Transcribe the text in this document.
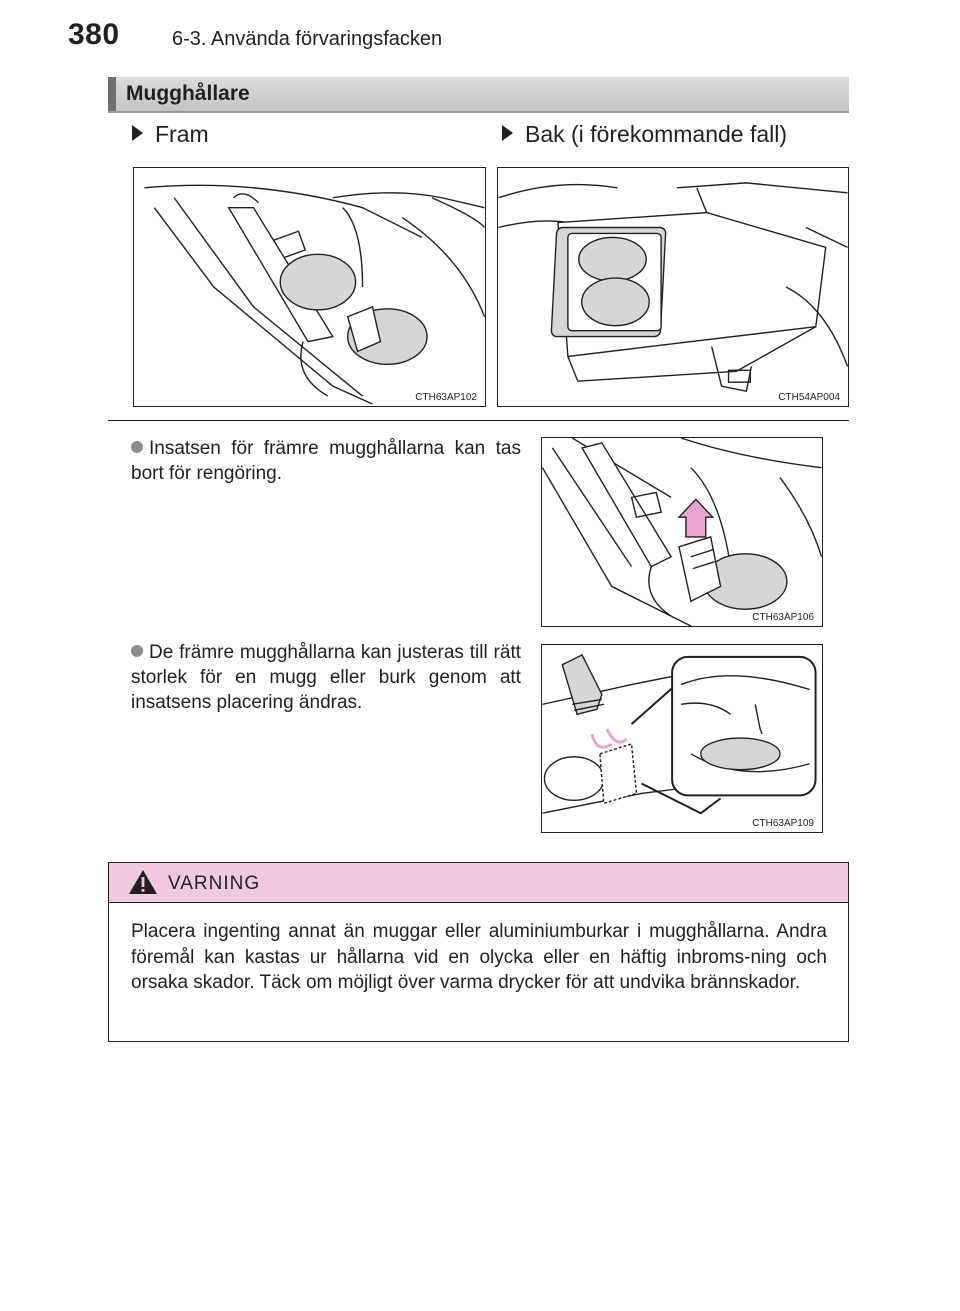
380	6-3. Använda förvaringsfacken
Mugghållare
Fram	Bak (i förekommande fall)
CTH63AP102	CTH54AP004
Insatsen för främre mugghållarna kan tas bort för rengöring.
CTH63AP106
De främre mugghållarna kan justeras till rätt storlek för en mugg eller burk genom att insatsens placering ändras.
CTH63AP109
VARNING
Placera ingenting annat än muggar eller aluminiumburkar i mugghållarna. Andra föremål kan kastas ur hållarna vid en olycka eller en häftig inbroms-ning och orsaka skador. Täck om möjligt över varma drycker för att undvika brännskador.
